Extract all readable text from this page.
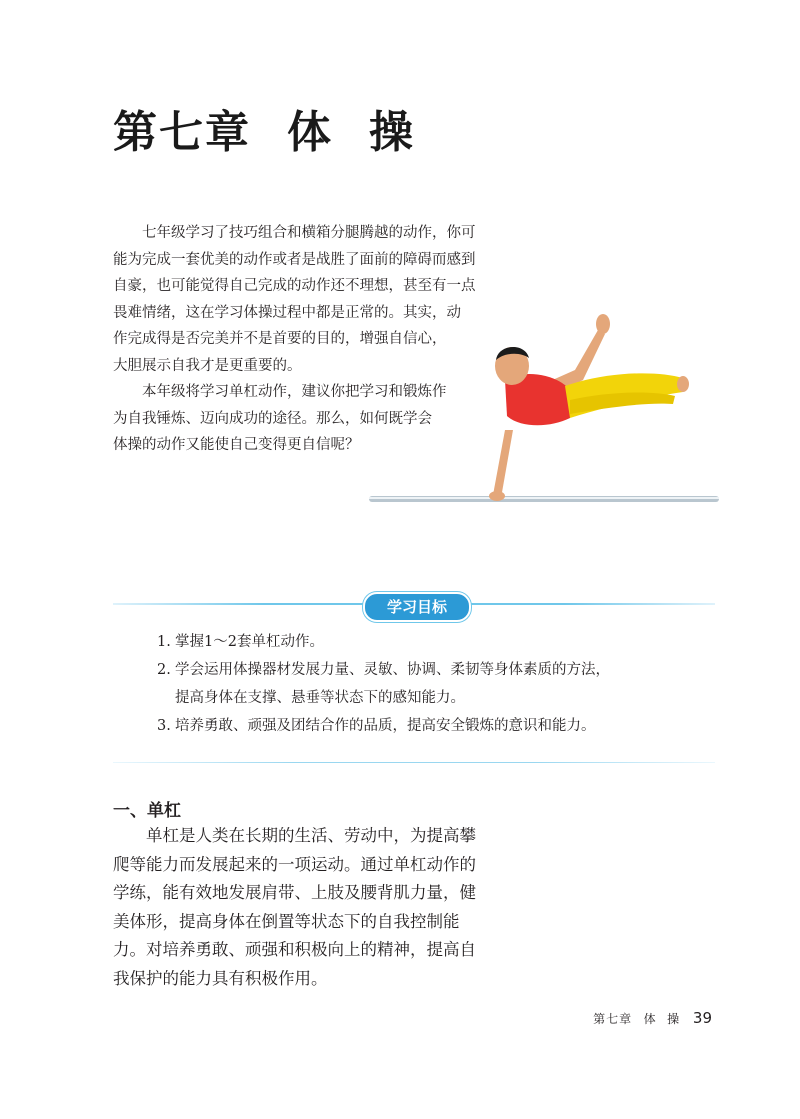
第七章 体 操

七年级学习了技巧组合和横箱分腿腾越的动作，你可
能为完成一套优美的动作或者是战胜了面前的障碍而感到
自豪，也可能觉得自己完成的动作还不理想，甚至有一点
畏难情绪，这在学习体操过程中都是正常的。其实，动
作完成得是否完美并不是首要的目的，增强自信心，
大胆展示自我才是更重要的。

本年级将学习单杠动作，建议你把学习和锻炼作
为自我锤炼、迈向成功的途径。那么，如何既学会
体操的动作又能使自己变得更自信呢？

学习目标
1. 掌握1～2套单杠动作。
2. 学会运用体操器材发展力量、灵敏、协调、柔韧等身体素质的方法，
提高身体在支撑、悬垂等状态下的感知能力。
3. 培养勇敢、顽强及团结合作的品质，提高安全锻炼的意识和能力。
一、单杠
单杠是人类在长期的生活、劳动中，为提高攀
爬等能力而发展起来的一项运动。通过单杠动作的
学练，能有效地发展肩带、上肢及腰背肌力量，健
美体形，提高身体在倒置等状态下的自我控制能
力。对培养勇敢、顽强和积极向上的精神，提高自
我保护的能力具有积极作用。
第七章 体 操 39
